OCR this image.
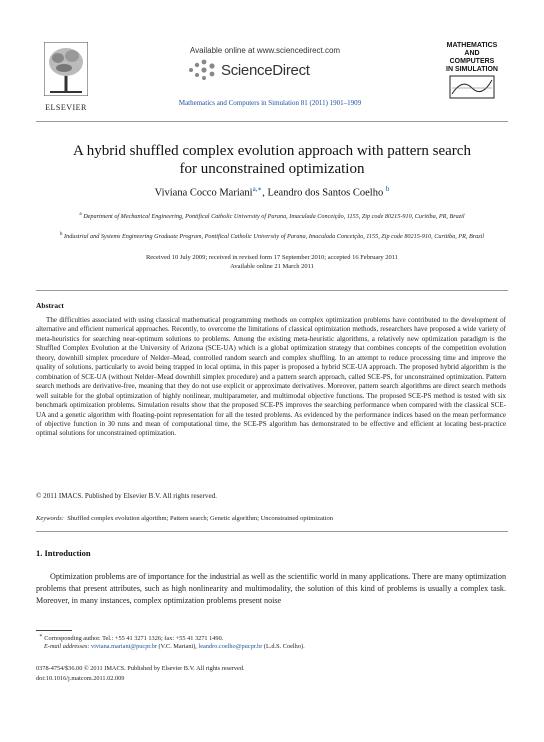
Available online at www.sciencedirect.com
ScienceDirect
Mathematics and Computers in Simulation 81 (2011) 1901–1909
ELSEVIER
MATHEMATICS
AND
COMPUTERS
IN SIMULATION
A hybrid shuffled complex evolution approach with pattern search
for unconstrained optimization
Viviana Cocco Mariani$^{a,∗}$, Leandro dos Santos Coelho $^b$
$^a$ Department of Mechanical Engineering, Pontifical Catholic University of Parana, Imaculada Conceição, 1155, Zip code 80215-910, Curitiba, PR, Brazil
$^b$ Industrial and Systems Engineering Graduate Program, Pontifical Catholic University of Parana, Imaculada Conceição, 1155, Zip code 80215-910, Curitiba, PR, Brazil
Received 10 July 2009; received in revised form 17 September 2010; accepted 16 February 2011
Available online 21 March 2011
Abstract
The difficulties associated with using classical mathematical programming methods on complex optimization problems have contributed to the development of alternative and efficient numerical approaches. Recently, to overcome the limitations of classical optimization methods, researchers have proposed a wide variety of meta-heuristics for searching near-optimum solutions to problems. Among the existing meta-heuristic algorithms, a relatively new optimization paradigm is the Shuffled Complex Evolution at the University of Arizona (SCE-UA) which is a global optimization strategy that combines concepts of the competition evolution theory, downhill simplex procedure of Nelder–Mead, controlled random search and complex shuffling. In an attempt to reduce processing time and improve the quality of solutions, particularly to avoid being trapped in local optima, in this paper is proposed a hybrid SCE-UA approach. The proposed hybrid algorithm is the combination of SCE-UA (without Nelder–Mead downhill simplex procedure) and a pattern search approach, called SCE-PS, for unconstrained optimization. Pattern search methods are derivative-free, meaning that they do not use explicit or approximate derivatives. Moreover, pattern search algorithms are direct search methods well suitable for the global optimization of highly nonlinear, multiparameter, and multimodal objective functions. The proposed SCE-PS method is tested with six benchmark optimization problems. Simulation results show that the proposed SCE-PS improves the searching performance when compared with the classical SCE-UA and a genetic algorithm with floating-point representation for all the tested problems. As evidenced by the performance indices based on the mean performance of objective function in 30 runs and mean of computational time, the SCE-PS algorithm has demonstrated to be effective and efficient at locating best-practice optimal solutions for unconstrained optimization.
© 2011 IMACS. Published by Elsevier B.V. All rights reserved.
Keywords: Shuffled complex evolution algorithm; Pattern search; Genetic algorithm; Unconstrained optimization
1. Introduction
Optimization problems are of importance for the industrial as well as the scientific world in many applications. There are many optimization problems that present attributes, such as high nonlinearity and multimodality, the solution of this kind of problems is usually a complex task. Moreover, in many instances, complex optimization problems present noise
∗ Corresponding author. Tel.: +55 41 3271 1326; fax: +55 41 3271 1490.
E-mail addresses: viviana.mariani@pucpr.br (V.C. Mariani), leandro.coelho@pucpr.br (L.d.S. Coelho).
0378-4754/$36.00 © 2011 IMACS. Published by Elsevier B.V. All rights reserved.
doi:10.1016/j.matcom.2011.02.009
